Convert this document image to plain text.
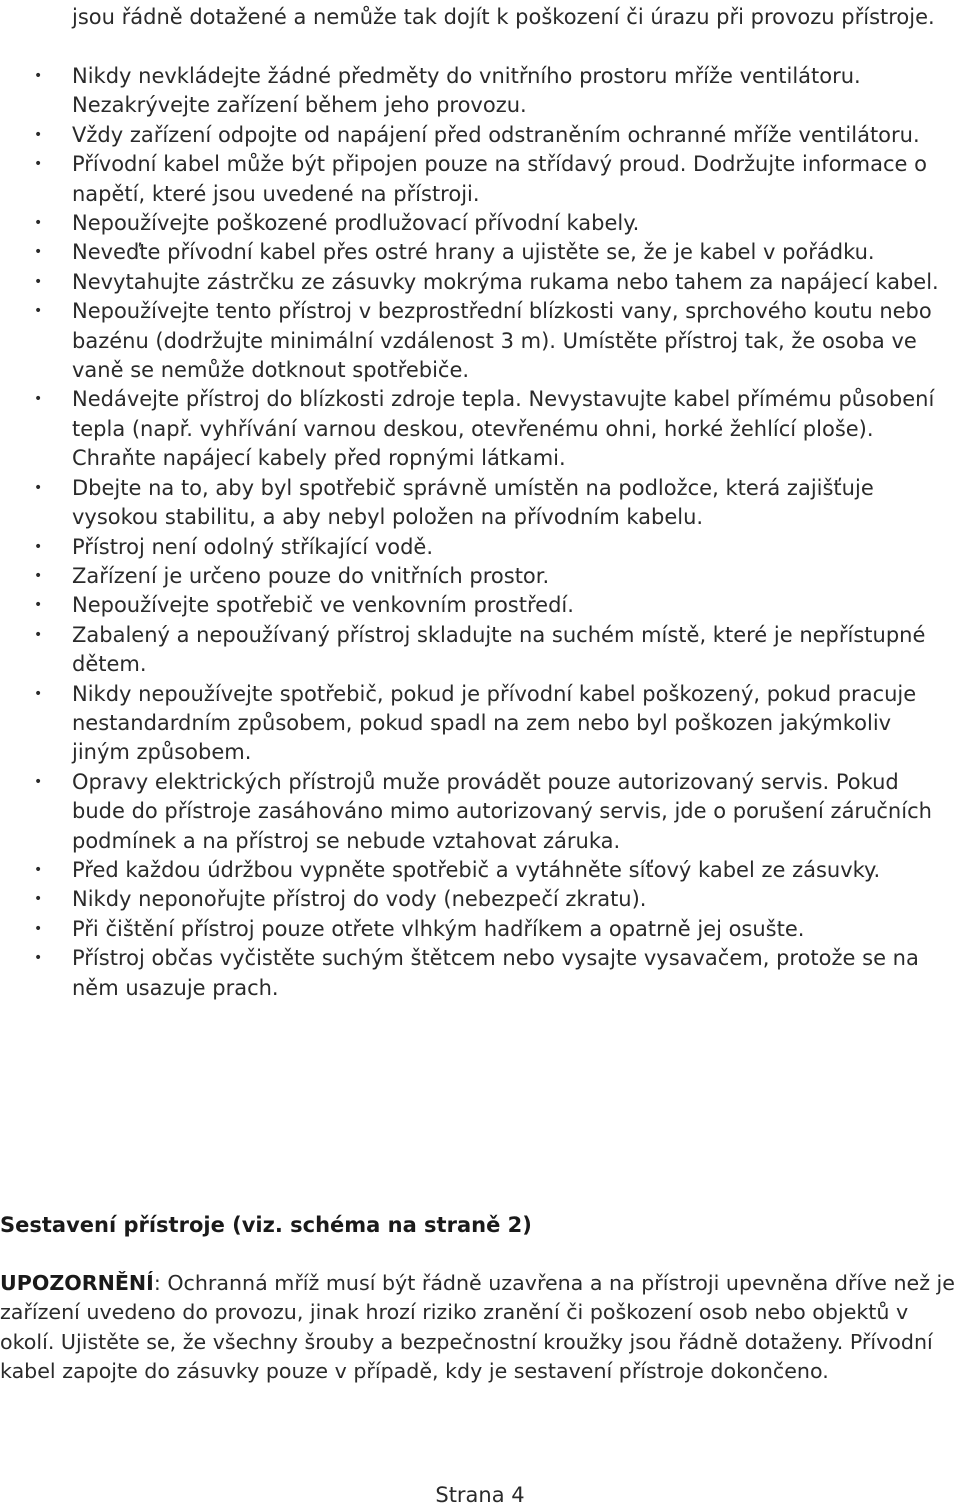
jsou řádně dotažené a nemůže tak dojít k poškození či úrazu při provozu přístroje.

• Nikdy nevkládejte žádné předměty do vnitřního prostoru mříže ventilátoru. Nezakrývejte zařízení během jeho provozu.
• Vždy zařízení odpojte od napájení před odstraněním ochranné mříže ventilátoru.
• Přívodní kabel může být připojen pouze na střídavý proud. Dodržujte informace o napětí, které jsou uvedené na přístroji.
• Nepoužívejte poškozené prodlužovací přívodní kabely.
• Neveďte přívodní kabel přes ostré hrany a ujistěte se, že je kabel v pořádku.
• Nevytahujte zástrčku ze zásuvky mokrýma rukama nebo tahem za napájecí kabel.
• Nepoužívejte tento přístroj v bezprostřední blízkosti vany, sprchového koutu nebo bazénu (dodržujte minimální vzdálenost 3 m). Umístěte přístroj tak, že osoba ve vaně se nemůže dotknout spotřebiče.
• Nedávejte přístroj do blízkosti zdroje tepla. Nevystavujte kabel přímému působení tepla (např. vyhřívání varnou deskou, otevřenému ohni, horké žehlící ploše). Chraňte napájecí kabely před ropnými látkami.
• Dbejte na to, aby byl spotřebič správně umístěn na podložce, která zajišťuje vysokou stabilitu, a aby nebyl položen na přívodním kabelu.
• Přístroj není odolný stříkající vodě.
• Zařízení je určeno pouze do vnitřních prostor.
• Nepoužívejte spotřebič ve venkovním prostředí.
• Zabalený a nepoužívaný přístroj skladujte na suchém místě, které je nepřístupné dětem.
• Nikdy nepoužívejte spotřebič, pokud je přívodní kabel poškozený, pokud pracuje nestandardním způsobem, pokud spadl na zem nebo byl poškozen jakýmkoliv jiným způsobem.
• Opravy elektrických přístrojů muže provádět pouze autorizovaný servis. Pokud bude do přístroje zasáhováno mimo autorizovaný servis, jde o porušení záručních podmínek a na přístroj se nebude vztahovat záruka.
• Před každou údržbou vypněte spotřebič a vytáhněte síťový kabel ze zásuvky.
• Nikdy neponořujte přístroj do vody (nebezpečí zkratu).
• Při čištění přístroj pouze otřete vlhkým hadříkem a opatrně jej osušte.
• Přístroj občas vyčistěte suchým štětcem nebo vysajte vysavačem, protože se na něm usazuje prach.
Sestavení přístroje (viz. schéma na straně 2)

UPOZORNĚNÍ: Ochranná mříž musí být řádně uzavřena a na přístroji upevněna dříve než je zařízení uvedeno do provozu, jinak hrozí riziko zranění či poškození osob nebo objektů v okolí. Ujistěte se, že všechny šrouby a bezpečnostní kroužky jsou řádně dotaženy. Přívodní kabel zapojte do zásuvky pouze v případě, kdy je sestavení přístroje dokončeno.

Strana 4
